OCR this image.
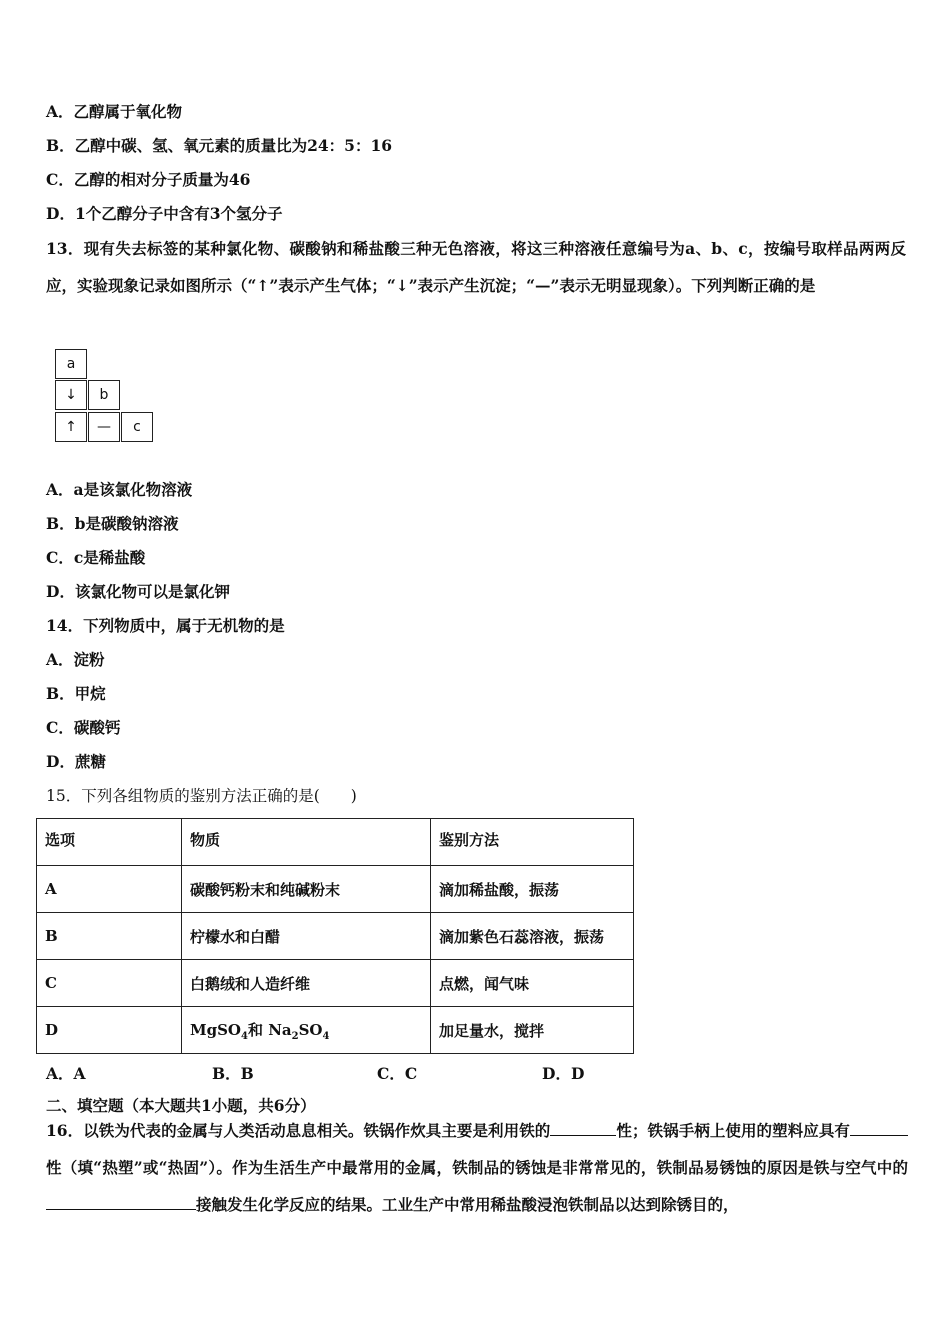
A．乙醇属于氧化物
B．乙醇中碳、氢、氧元素的质量比为24：5：16
C．乙醇的相对分子质量为46
D．1个乙醇分子中含有3个氢分子
13．现有失去标签的某种氯化物、碳酸钠和稀盐酸三种无色溶液，将这三种溶液任意编号为a、b、c，按编号取样品两两反应，实验现象记录如图所示（“↑”表示产生气体；“↓”表示产生沉淀；“—”表示无明显现象）。下列判断正确的是
a
↓	b
↑	—	c
A．a是该氯化物溶液
B．b是碳酸钠溶液
C．c是稀盐酸
D．该氯化物可以是氯化钾
14．下列物质中，属于无机物的是
A．淀粉
B．甲烷
C．碳酸钙
D．蔗糖
15．下列各组物质的鉴别方法正确的是(　　)
选项	物质	鉴别方法
A	碳酸钙粉末和纯碱粉末	滴加稀盐酸，振荡
B	柠檬水和白醋	滴加紫色石蕊溶液，振荡
C	白鹅绒和人造纤维	点燃，闻气味
D	MgSO$_4$和 $Na_2SO_4$	加足量水，搅拌
A．A	B．B	C．C	D．D
二、填空题（本大题共1小题，共6分）
16．以铁为代表的金属与人类活动息息相关。铁锅作炊具主要是利用铁的	性；铁锅手柄上使用的塑料应具有性（填“热塑”或“热固”）。作为生活生产中最常用的金属，铁制品的锈蚀是非常常见的，铁制品易锈蚀的原因是铁与空气中的接触发生化学反应的结果。工业生产中常用稀盐酸浸泡铁制品以达到除锈目的，
